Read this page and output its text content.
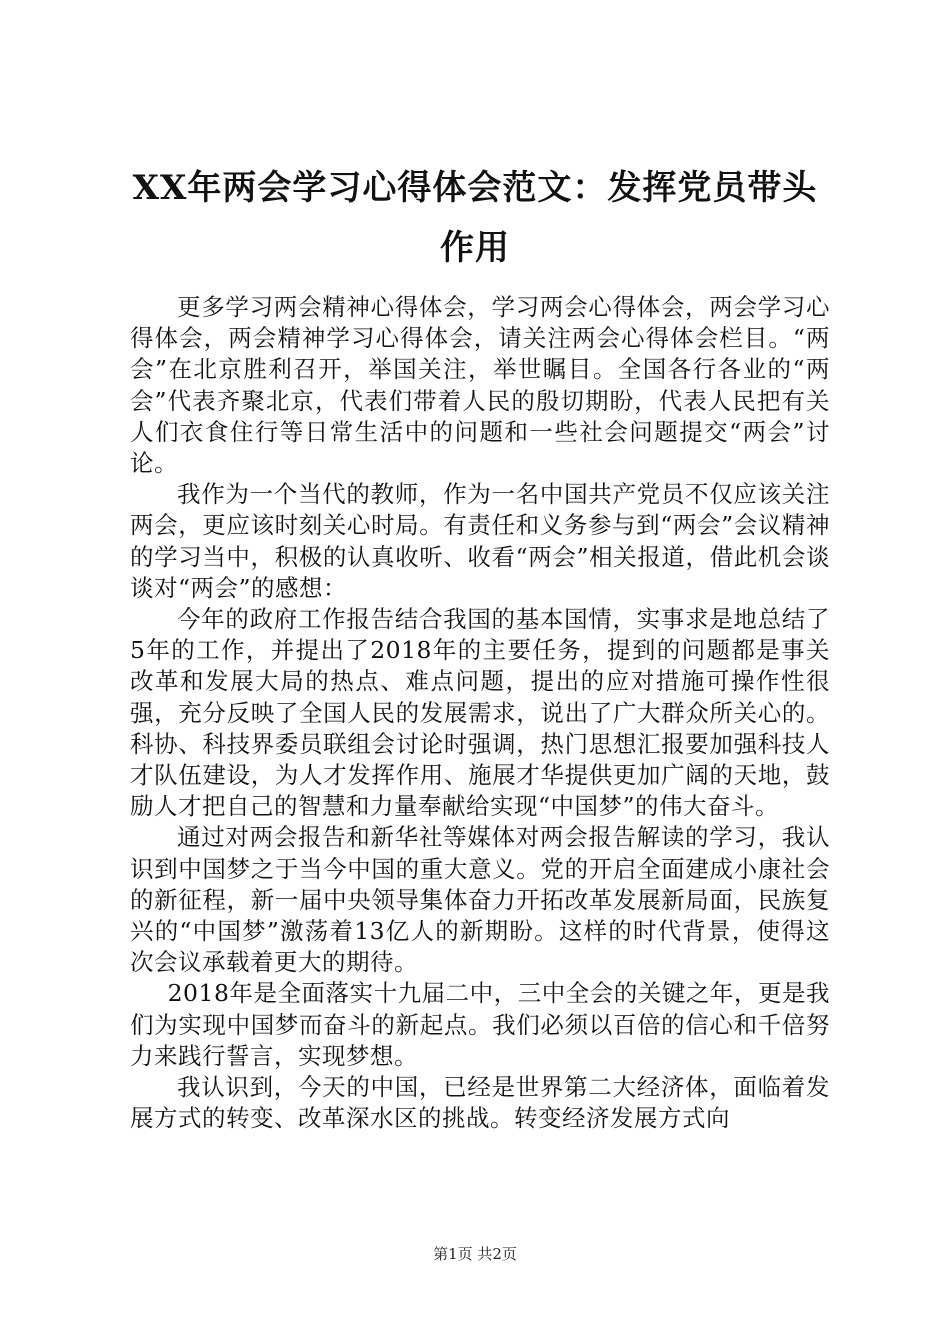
XX年两会学习心得体会范文：发挥党员带头作用

更多学习两会精神心得体会，学习两会心得体会，两会学习心得体会，两会精神学习心得体会，请关注两会心得体会栏目。“两会”在北京胜利召开，举国关注，举世瞩目。全国各行各业的“两会”代表齐聚北京，代表们带着人民的殷切期盼，代表人民把有关人们衣食住行等日常生活中的问题和一些社会问题提交“两会”讨论。

我作为一个当代的教师，作为一名中国共产党员不仅应该关注两会，更应该时刻关心时局。有责任和义务参与到“两会”会议精神的学习当中，积极的认真收听、收看“两会”相关报道，借此机会谈谈对“两会”的感想：

今年的政府工作报告结合我国的基本国情，实事求是地总结了5年的工作，并提出了2018年的主要任务，提到的问题都是事关改革和发展大局的热点、难点问题，提出的应对措施可操作性很强，充分反映了全国人民的发展需求，说出了广大群众所关心的。科协、科技界委员联组会讨论时强调，热门思想汇报要加强科技人才队伍建设，为人才发挥作用、施展才华提供更加广阔的天地，鼓励人才把自己的智慧和力量奉献给实现“中国梦”的伟大奋斗。

通过对两会报告和新华社等媒体对两会报告解读的学习，我认识到中国梦之于当今中国的重大意义。党的开启全面建成小康社会的新征程，新一届中央领导集体奋力开拓改革发展新局面，民族复兴的“中国梦”激荡着13亿人的新期盼。这样的时代背景，使得这次会议承载着更大的期待。

2018年是全面落实十九届二中，三中全会的关键之年，更是我们为实现中国梦而奋斗的新起点。我们必须以百倍的信心和千倍努力来践行誓言，实现梦想。

我认识到，今天的中国，已经是世界第二大经济体，面临着发展方式的转变、改革深水区的挑战。转变经济发展方式向

第1页 共2页
